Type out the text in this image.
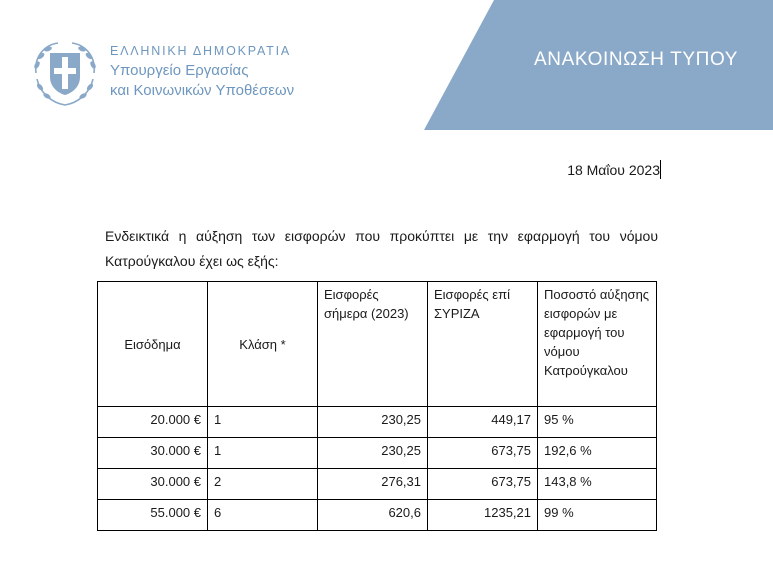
ΑΝΑΚΟΙΝΩΣΗ ΤΥΠΟΥ
ΕΛΛΗΝΙΚΗ ΔΗΜΟΚΡΑΤΙΑ
Υπουργείο Εργασίας
και Κοινωνικών Υποθέσεων
18 Μαΐου 2023
Ενδεικτικά η αύξηση των εισφορών που προκύπτει με την εφαρμογή του νόμου Κατρούγκαλου έχει ως εξής:
Εισόδημα	Κλάση *	Εισφορές σήμερα (2023)	Εισφορές επί ΣΥΡΙΖΑ	Ποσοστό αύξησης εισφορών με εφαρμογή του νόμου Κατρούγκαλου
20.000 €	1	230,25	449,17	95 %
30.000 €	1	230,25	673,75	192,6 %
30.000 €	2	276,31	673,75	143,8 %
55.000 €	6	620,6	1235,21	99 %
